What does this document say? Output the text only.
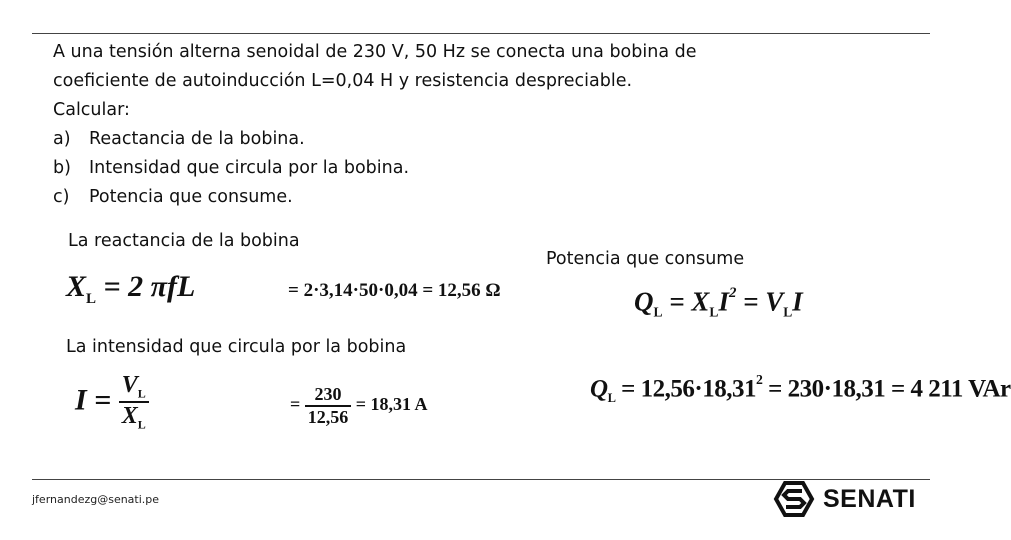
A una tensión alterna senoidal de 230 V, 50 Hz se conecta una bobina de
coeficiente de autoinducción L=0,04 H y resistencia despreciable.
Calcular:
a) Reactancia de la bobina.
b) Intensidad que circula por la bobina.
c) Potencia que consume.
La reactancia de la bobina
Potencia que consume
La intensidad que circula por la bobina
$X_L = 2$ πfL	= 2·3,14·50·0,04 = 12,56 Ω
$I = \frac{V_L}{X_L}$	= $\frac{230}{12,56} = 18,31$ A
$Q_L = X_LI^2 = V_LI$
$Q_L = 12,56\cdot 18,31^2 = 230\cdot 18,31 = 4$ 211 VAr
jfernandezg@senati.pe	SENATI
